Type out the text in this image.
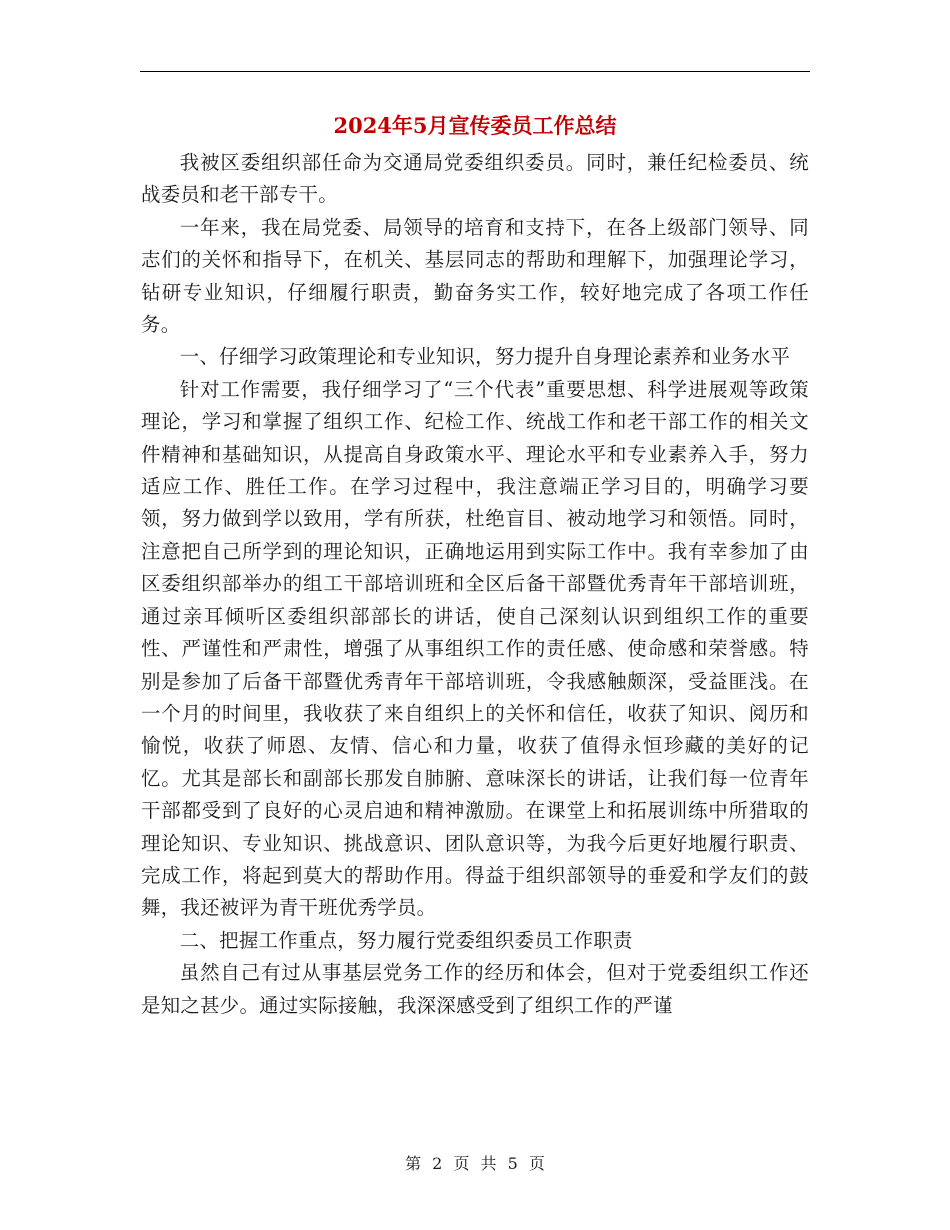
2024年5月宣传委员工作总结

我被区委组织部任命为交通局党委组织委员。同时，兼任纪检委员、统战委员和老干部专干。

一年来，我在局党委、局领导的培育和支持下，在各上级部门领导、同志们的关怀和指导下，在机关、基层同志的帮助和理解下，加强理论学习，钻研专业知识，仔细履行职责，勤奋务实工作，较好地完成了各项工作任务。

一、仔细学习政策理论和专业知识，努力提升自身理论素养和业务水平

针对工作需要，我仔细学习了“三个代表”重要思想、科学进展观等政策理论，学习和掌握了组织工作、纪检工作、统战工作和老干部工作的相关文件精神和基础知识，从提高自身政策水平、理论水平和专业素养入手，努力适应工作、胜任工作。在学习过程中，我注意端正学习目的，明确学习要领，努力做到学以致用，学有所获，杜绝盲目、被动地学习和领悟。同时，注意把自己所学到的理论知识，正确地运用到实际工作中。我有幸参加了由区委组织部举办的组工干部培训班和全区后备干部暨优秀青年干部培训班，通过亲耳倾听区委组织部部长的讲话，使自己深刻认识到组织工作的重要性、严谨性和严肃性，增强了从事组织工作的责任感、使命感和荣誉感。特别是参加了后备干部暨优秀青年干部培训班，令我感触颇深，受益匪浅。在一个月的时间里，我收获了来自组织上的关怀和信任，收获了知识、阅历和愉悦，收获了师恩、友情、信心和力量，收获了值得永恒珍藏的美好的记忆。尤其是部长和副部长那发自肺腑、意味深长的讲话，让我们每一位青年干部都受到了良好的心灵启迪和精神激励。在课堂上和拓展训练中所猎取的理论知识、专业知识、挑战意识、团队意识等，为我今后更好地履行职责、完成工作，将起到莫大的帮助作用。得益于组织部领导的垂爱和学友们的鼓舞，我还被评为青干班优秀学员。

二、把握工作重点，努力履行党委组织委员工作职责

虽然自己有过从事基层党务工作的经历和体会，但对于党委组织工作还是知之甚少。通过实际接触，我深深感受到了组织工作的严谨

第 2 页 共 5 页
